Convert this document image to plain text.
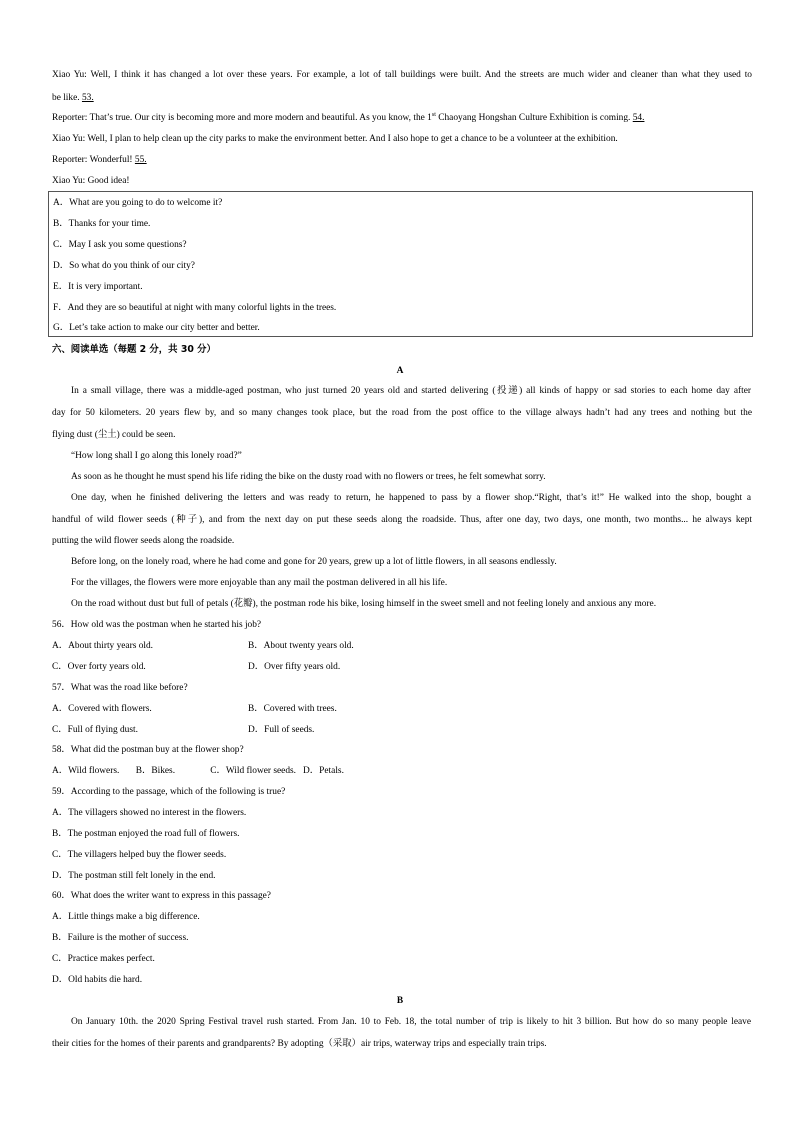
Xiao Yu: Well, I think it has changed a lot over these years. For example, a lot of tall buildings were built. And the streets are much wider and cleaner than what they used to
be like. 53.
Reporter: That’s true. Our city is becoming more and more modern and beautiful. As you know, the 1st Chaoyang Hongshan Culture Exhibition is coming. 54.
Xiao Yu: Well, I plan to help clean up the city parks to make the environment better. And I also hope to get a chance to be a volunteer at the exhibition.
Reporter: Wonderful! 55.
Xiao Yu: Good idea!
A．What are you going to do to welcome it?
B．Thanks for your time.
C．May I ask you some questions?
D．So what do you think of our city?
E．It is very important.
F．And they are so beautiful at night with many colorful lights in the trees.
G．Let’s take action to make our city better and better.
六、阅读单选（每题 2 分，共 30 分）
A
In a small village, there was a middle-aged postman, who just turned 20 years old and started delivering (投递) all kinds of happy or sad stories to each home day after
day for 50 kilometers. 20 years flew by, and so many changes took place, but the road from the post office to the village always hadn’t had any trees and nothing but the
flying dust (尘土) could be seen.
“How long shall I go along this lonely road?”
As soon as he thought he must spend his life riding the bike on the dusty road with no flowers or trees, he felt somewhat sorry.
One day, when he finished delivering the letters and was ready to return, he happened to pass by a flower shop.“Right, that’s it!” He walked into the shop, bought a
handful of wild flower seeds (种子), and from the next day on put these seeds along the roadside. Thus, after one day, two days, one month, two months... he always kept
putting the wild flower seeds along the roadside.
Before long, on the lonely road, where he had come and gone for 20 years, grew up a lot of little flowers, in all seasons endlessly.
For the villages, the flowers were more enjoyable than any mail the postman delivered in all his life.
On the road without dust but full of petals (花瓣), the postman rode his bike, losing himself in the sweet smell and not feeling lonely and anxious any more.
56．How old was the postman when he started his job?
A．About thirty years old.	B．About twenty years old.
C．Over forty years old.	D．Over fifty years old.
57．What was the road like before?
A．Covered with flowers.	B．Covered with trees.
C．Full of flying dust.	D．Full of seeds.
58．What did the postman buy at the flower shop?
A．Wild flowers.       B．Bikes.               C．Wild flower seeds.   D．Petals.
59．According to the passage, which of the following is true?
A．The villagers showed no interest in the flowers.
B．The postman enjoyed the road full of flowers.
C．The villagers helped buy the flower seeds.
D．The postman still felt lonely in the end.
60．What does the writer want to express in this passage?
A．Little things make a big difference.
B．Failure is the mother of success.
C．Practice makes perfect.
D．Old habits die hard.
B
On January 10th. the 2020 Spring Festival travel rush started. From Jan. 10 to Feb. 18, the total number of trip is likely to hit 3 billion. But how do so many people leave
their cities for the homes of their parents and grandparents? By adopting（采取）air trips, waterway trips and especially train trips.
